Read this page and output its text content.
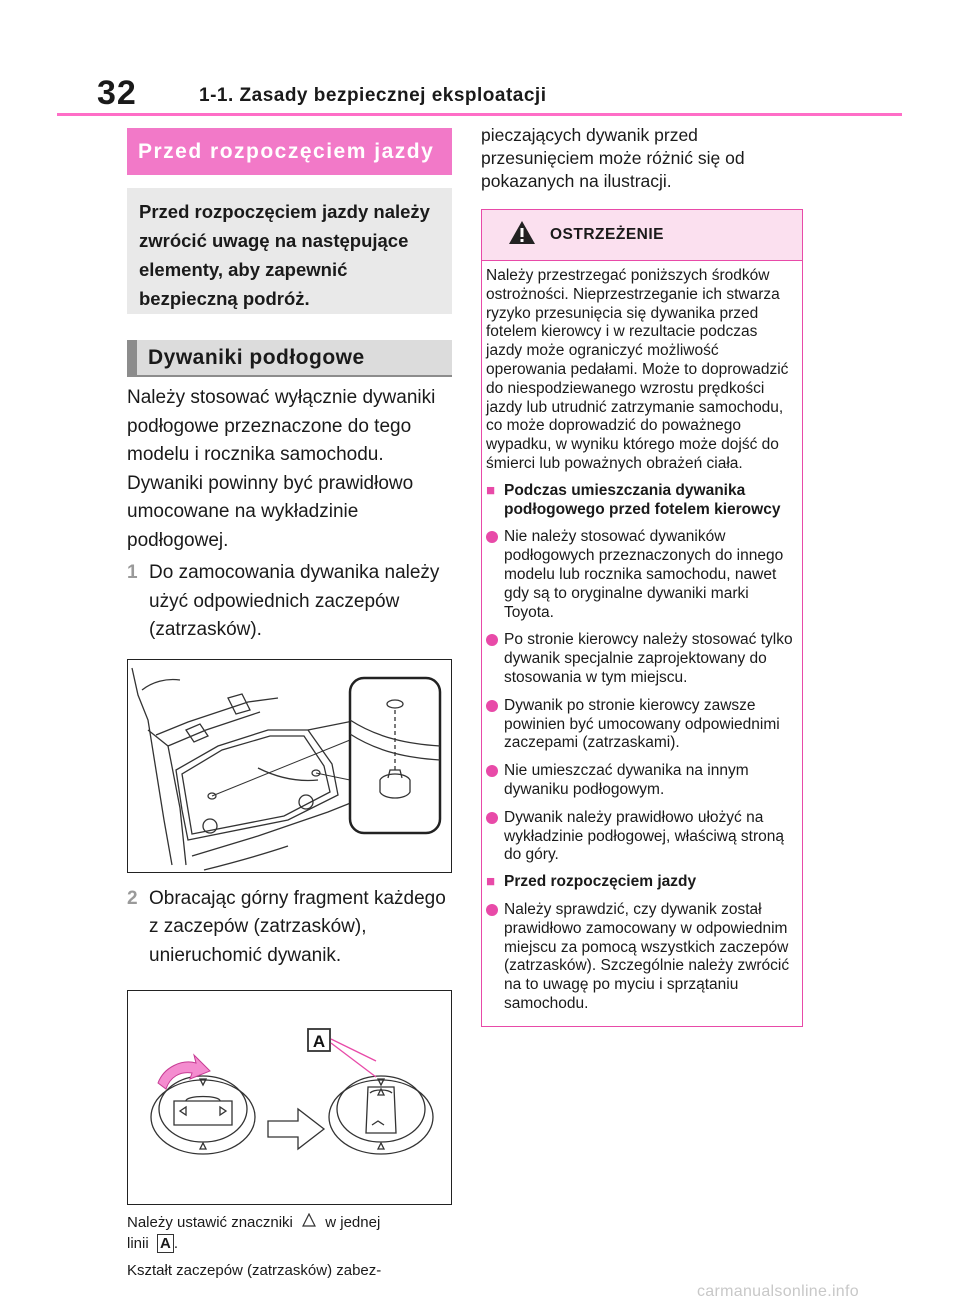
32	1-1. Zasady bezpiecznej eksploatacji
Przed rozpoczęciem jazdy
Przed rozpoczęciem jazdy należy zwrócić uwagę na następujące elementy, aby zapewnić bezpieczną podróż.
Dywaniki podłogowe
Należy stosować wyłącznie dywaniki podłogowe przeznaczone do tego modelu i rocznika samochodu. Dywaniki powinny być prawidłowo umocowane na wykładzinie podłogowej.
1 Do zamocowania dywanika należy użyć odpowiednich zaczepów (zatrzasków).
2 Obracając górny fragment każdego z zaczepów (zatrzasków), unieruchomić dywanik.
A
Należy ustawić znaczniki w jednej
linii A .
Kształt zaczepów (zatrzasków) zabez-
pieczających dywanik przed przesunięciem może różnić się od pokazanych na ilustracji.
OSTRZEŻENIE

Należy przestrzegać poniższych środków ostrożności. Nieprzestrzeganie ich stwarza ryzyko przesunięcia się dywanika przed fotelem kierowcy i w rezultacie podczas jazdy może ograniczyć możliwość operowania pedałami. Może to doprowadzić do niespodziewanego wzrostu prędkości jazdy lub utrudnić zatrzymanie samochodu, co może doprowadzić do poważnego wypadku, w wyniku którego może dojść do śmierci lub poważnych obrażeń ciała.

■ Podczas umieszczania dywanika podłogowego przed fotelem kierowcy
Nie należy stosować dywaników podłogowych przeznaczonych do innego modelu lub rocznika samochodu, nawet gdy są to oryginalne dywaniki marki Toyota.
Po stronie kierowcy należy stosować tylko dywanik specjalnie zaprojektowany do stosowania w tym miejscu.
Dywanik po stronie kierowcy zawsze powinien być umocowany odpowiednimi zaczepami (zatrzaskami).
Nie umieszczać dywanika na innym dywaniku podłogowym.
Dywanik należy prawidłowo ułożyć na wykładzinie podłogowej, właściwą stroną do góry.
■ Przed rozpoczęciem jazdy
Należy sprawdzić, czy dywanik został prawidłowo zamocowany w odpowiednim miejscu za pomocą wszystkich zaczepów (zatrzasków). Szczególnie należy zwrócić na to uwagę po myciu i sprzątaniu samochodu.
carmanualsonline.info
